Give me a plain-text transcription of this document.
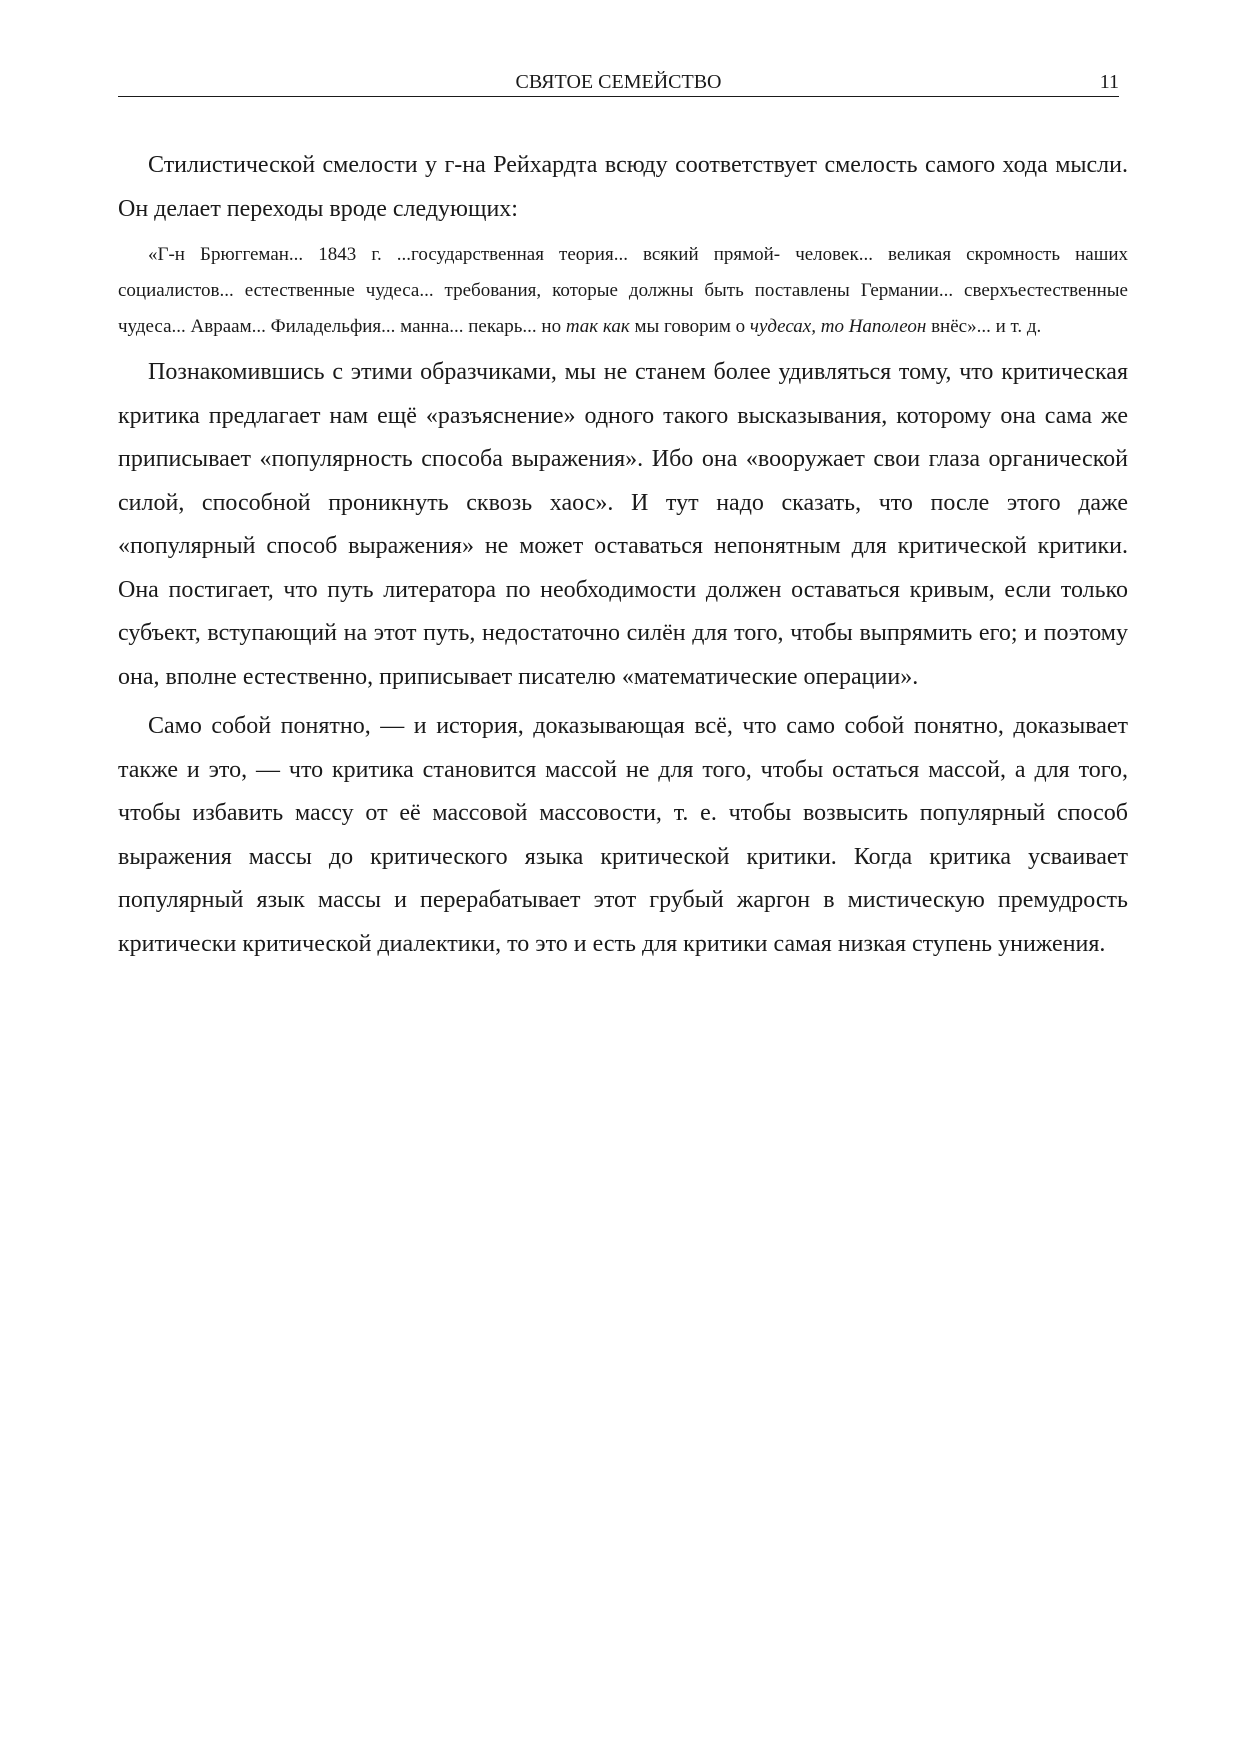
СВЯТОЕ СЕМЕЙСТВО	11

Стилистической смелости у г-на Рейхардта всюду соответствует смелость самого хода мысли. Он делает переходы вроде следующих:

«Г-н Брюггеман... 1843 г. ...государственная теория... всякий прямой- человек... великая скромность наших социалистов... естественные чудеса... требования, которые должны быть поставлены Германии... сверхъестественные чудеса... Авраам... Филадельфия... манна... пекарь... но так как мы говорим о чудесах, то Наполеон внёс»... и т. д.

Познакомившись с этими образчиками, мы не станем более удивляться тому, что критическая критика предлагает нам ещё «разъяснение» одного такого высказывания, которому она сама же приписывает «популярность способа выражения». Ибо она «вооружает свои глаза органической силой, способной проникнуть сквозь хаос». И тут надо сказать, что после этого даже «популярный способ выражения» не может оставаться непонятным для критической критики. Она постигает, что путь литератора по необходимости должен оставаться кривым, если только субъект, вступающий на этот путь, недостаточно силён для того, чтобы выпрямить его; и поэтому она, вполне естественно, приписывает писателю «математические операции».

Само собой понятно, — и история, доказывающая всё, что само собой понятно, доказывает также и это, — что критика становится массой не для того, чтобы остаться массой, а для того, чтобы избавить массу от её массовой массовости, т. е. чтобы возвысить популярный способ выражения массы до критического языка критической критики. Когда критика усваивает популярный язык массы и перерабатывает этот грубый жаргон в мистическую премудрость критически критической диалектики, то это и есть для критики самая низкая ступень унижения.
